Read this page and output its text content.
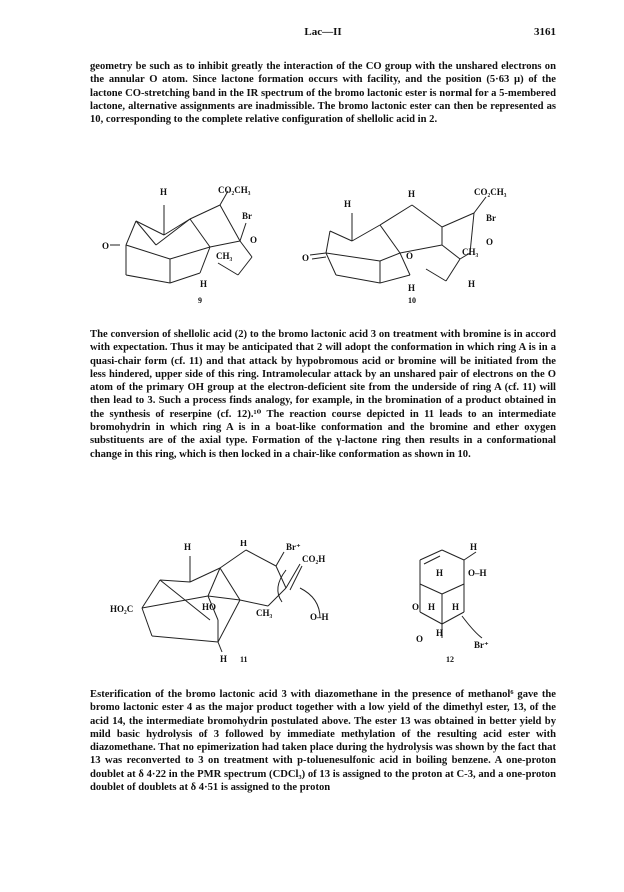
Lac—II	3161

geometry be such as to inhibit greatly the interaction of the CO group with the unshared electrons on the annular O atom. Since lactone formation occurs with facility, and the position (5·63 µ) of the lactone CO-stretching band in the IR spectrum of the bromo lactonic ester is normal for a 5-membered lactone, alternative assignments are inadmissible. The bromo lactonic ester can then be represented as 10, corresponding to the complete relative configuration of shellolic acid in 2.

H	CO₂CH₃
Br
O
CH₃
O
H
9
H
H	CO₂CH₃
Br
O
O	O	CH₃
H
H
10

The conversion of shellolic acid (2) to the bromo lactonic acid 3 on treatment with bromine is in accord with expectation. Thus it may be anticipated that 2 will adopt the conformation in which ring A is in a quasi-chair form (cf. 11) and that attack by hypobromous acid or bromine will be initiated from the less hindered, upper side of this ring. Intramolecular attack by an unshared pair of electrons on the O atom of the primary OH group at the electron-deficient site from the underside of ring A (cf. 11) will then lead to 3. Such a process finds analogy, for example, in the bromination of a product obtained in the synthesis of reserpine (cf. 12).¹⁰ The reaction course depicted in 11 leads to an intermediate bromohydrin in which ring A is in a boat-like conformation and the bromine and ether oxygen substituents are of the axial type. Formation of the γ-lactone ring then results in a conformational change in this ring, which is then locked in a chair-like conformation as shown in 10.

H	H	Br⁺
CO₂H
HO₂C	HO
CH₃	O–H
H 11
H
O–H
H
O H H
H
O
Br⁺
12

Esterification of the bromo lactonic acid 3 with diazomethane in the presence of methanol⁶ gave the bromo lactonic ester 4 as the major product together with a low yield of the dimethyl ester, 13, of the acid 14, the intermediate bromohydrin postulated above. The ester 13 was obtained in better yield by mild basic hydrolysis of 3 followed by immediate methylation of the resulting acid ester with diazomethane. That no epimerization had taken place during the hydrolysis was shown by the fact that 13 was reconverted to 3 on treatment with p-toluenesulfonic acid in boiling benzene. A one-proton doublet at δ 4·22 in the PMR spectrum (CDCl₃) of 13 is assigned to the proton at C-3, and a one-proton doublet of doublets at δ 4·51 is assigned to the proton
